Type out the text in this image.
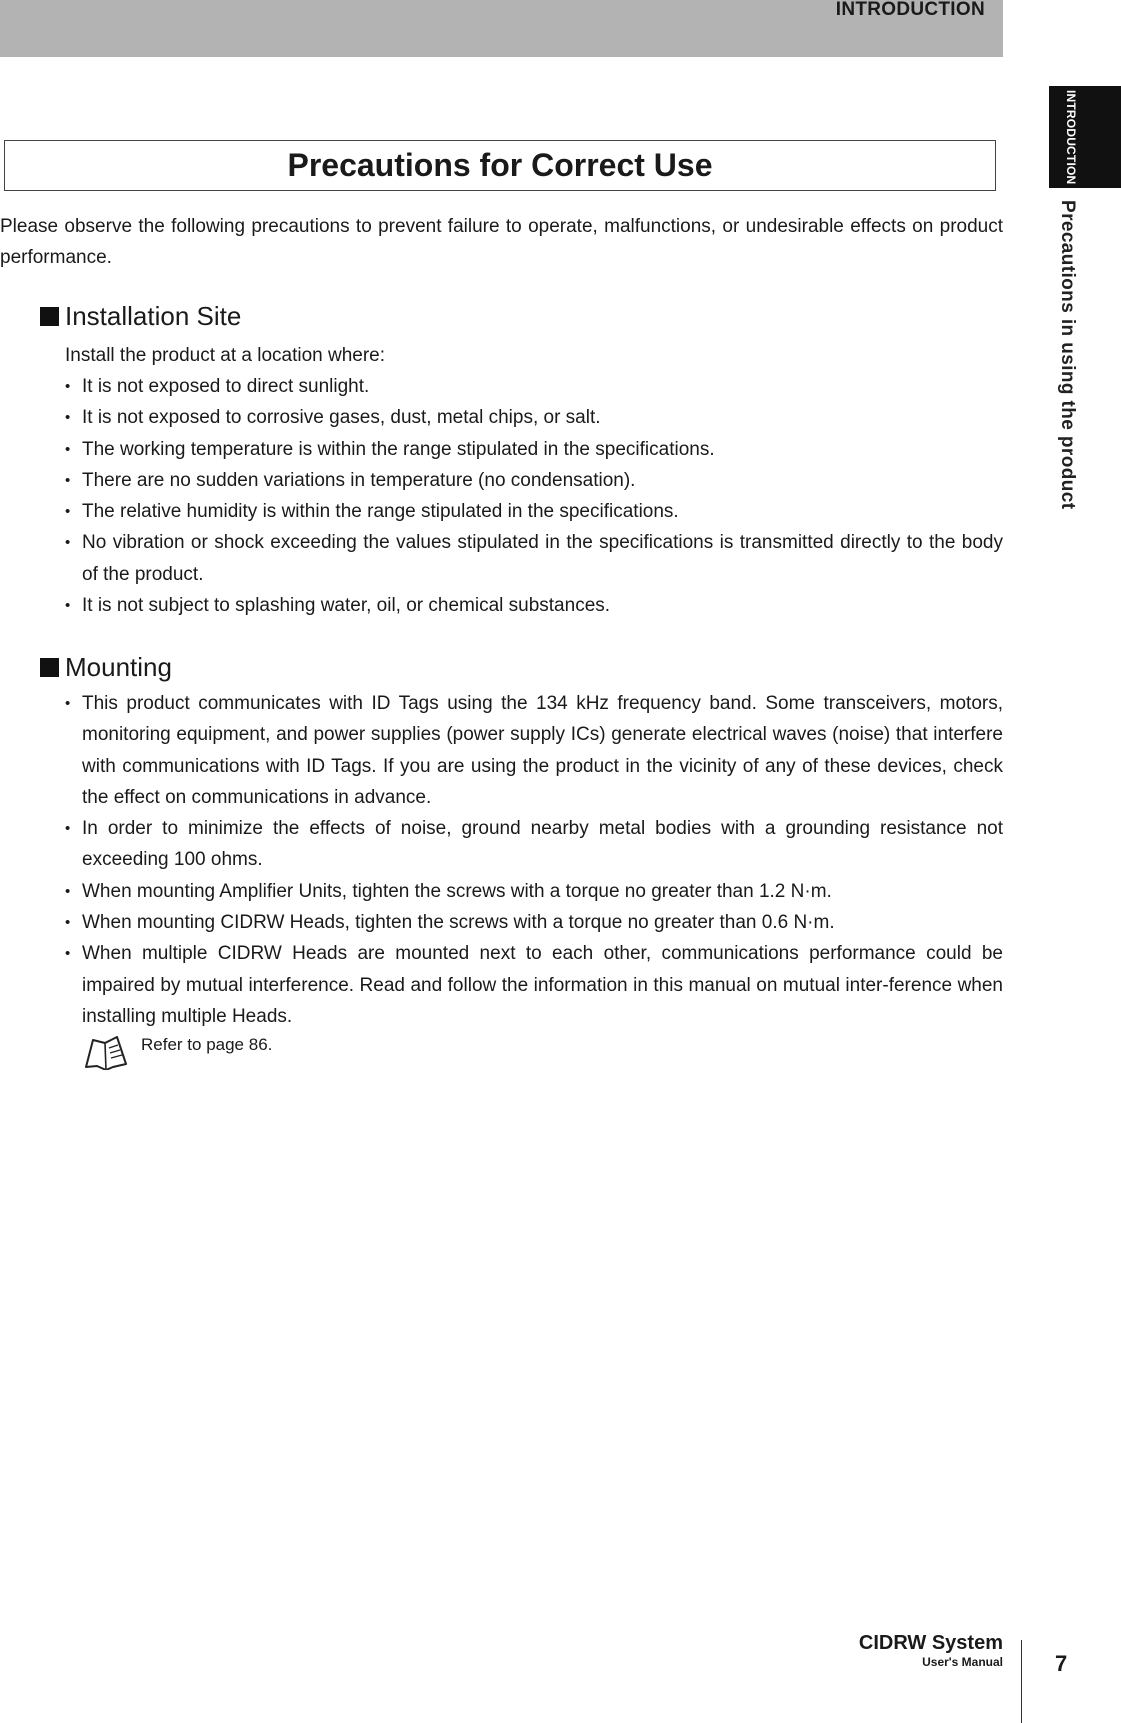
INTRODUCTION

INTRODUCTION

Precautions in using the product

Precautions for Correct Use

Please observe the following precautions to prevent failure to operate, malfunctions, or undesirable effects on product performance.

Installation Site

Install the product at a location where:

• It is not exposed to direct sunlight.
• It is not exposed to corrosive gases, dust, metal chips, or salt.
• The working temperature is within the range stipulated in the specifications.
• There are no sudden variations in temperature (no condensation).
• The relative humidity is within the range stipulated in the specifications.
• No vibration or shock exceeding the values stipulated in the specifications is transmitted directly to the body of the product.
• It is not subject to splashing water, oil, or chemical substances.
Mounting
• This product communicates with ID Tags using the 134 kHz frequency band. Some transceivers, motors, monitoring equipment, and power supplies (power supply ICs) generate electrical waves (noise) that interfere with communications with ID Tags. If you are using the product in the vicinity of any of these devices, check the effect on communications in advance.
• In order to minimize the effects of noise, ground nearby metal bodies with a grounding resistance not exceeding 100 ohms.
• When mounting Amplifier Units, tighten the screws with a torque no greater than 1.2 N·m.
• When mounting CIDRW Heads, tighten the screws with a torque no greater than 0.6 N·m.
• When multiple CIDRW Heads are mounted next to each other, communications performance could be impaired by mutual interference. Read and follow the information in this manual on mutual inter-ference when installing multiple Heads.

Refer to page 86.

CIDRW System

User's Manual 7
